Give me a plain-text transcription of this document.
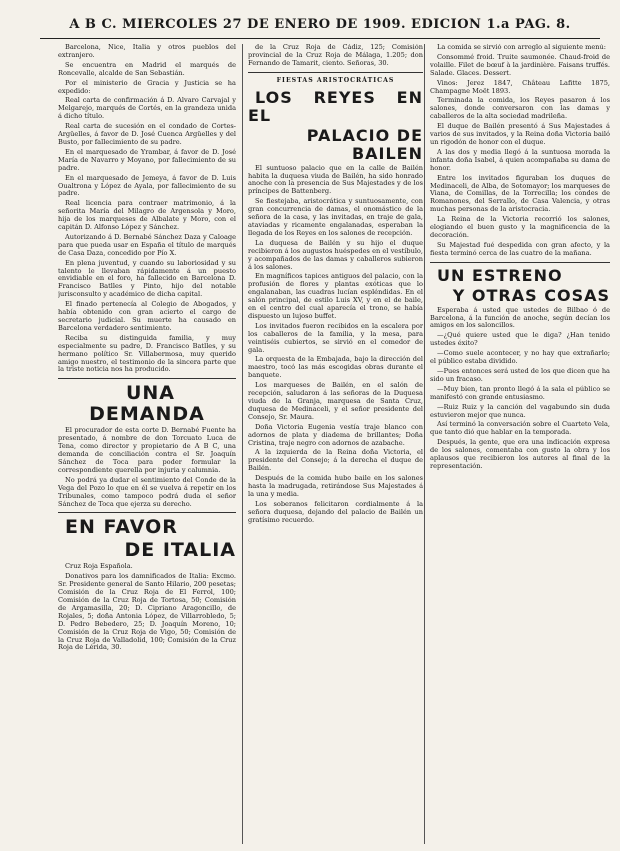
A B C. MIERCOLES 27 DE ENERO DE 1909. EDICION 1.a PAG. 8.

Barcelona, Nice, Italia y otros pueblos del extranjero.

Se encuentra en Madrid el marqués de Roncevalle, alcalde de San Sebastián.

Por el ministerio de Gracia y Justicia se ha expedido:

Real carta de confirmación á D. Alvaro Carvajal y Melgarejo, marqués de Cortés, en la grandeza unida á dicho título.

Real carta de sucesión en el condado de Cortes-Argüelles, á favor de D. José Cuenca Argüelles y del Busto, por fallecimiento de su padre.

En el marquesado de Yrambar, á favor de D. José María de Navarro y Moyano, por fallecimiento de su padre.

En el marquesado de Jemeya, á favor de D. Luis Oualtrona y López de Ayala, por fallecimiento de su padre.

Real licencia para contraer matrimonio, á la señorita María del Milagro de Argensola y Moro, hija de los marqueses de Albalate y Moro, con el capitán D. Alfonso López y Sánchez.

Autorizando á D. Bernabé Sánchez Daza y Caloage para que pueda usar en España el título de marqués de Casa Daza, concedido por Pío X.

En plena juventud, y cuando su laboriosidad y su talento le llevaban rápidamente á un puesto envidiable en el foro, ha fallecido en Barcelona D. Francisco Batlles y Pinto, hijo del notable jurisconsulto y académico de dicha capital.

El finado pertenecía al Colegio de Abogados, y había obtenido con gran acierto el cargo de secretario judicial. Su muerte ha causado en Barcelona verdadero sentimiento.

Reciba su distinguida familia, y muy especialmente su padre, D. Francisco Batlles, y su hermano político Sr. Villabermosa, muy querido amigo nuestro, el testimonio de la sincera parte que la triste noticia nos ha producido.

UNA DEMANDA

El procurador de esta corte D. Bernabé Fuente ha presentado, á nombre de don Torcuato Luca de Tena, como director y propietario de A B C, una demanda de conciliación contra el Sr. Joaquín Sánchez de Toca para poder formular la correspondiente querella por injuria y calumnia.

No podrá ya dudar el sentimiento del Conde de la Vega del Pozo lo que en él se vuelva á repetir en los Tribunales, como tampoco podrá duda el señor Sánchez de Toca que ejerza su derecho.

EN FAVOR

DE ITALIA

Cruz Roja Española.

Donativos para los damnificados de Italia: Excmo. Sr. Presidente general de Santo Hilario, 200 pesetas; Comisión de la Cruz Roja de El Ferrol, 100; Comisión de la Cruz Roja de Tortosa, 50; Comisión de Argamasilla, 20; D. Cipriano Aragoncillo, de Rojales, 5; doña Antonia López, de Villarrobledo, 5; D. Pedro Bebedero, 25; D. Joaquín Moreno, 10; Comisión de la Cruz Roja de Vigo, 50; Comisión de la Cruz Roja de Valladolid, 100; Comisión de la Cruz Roja de Lérida, 30.

de la Cruz Roja de Cádiz, 125; Comisión provincial de la Cruz Roja de Málaga, 1.205; don Fernando de Tamarit, ciento. Señoras, 30.

FIESTAS ARISTOCRÁTICAS

LOS REYES EN EL

PALACIO DE BAILEN

El suntuoso palacio que en la calle de Bailén habita la duquesa viuda de Bailén, ha sido honrado anoche con la presencia de Sus Majestades y de los príncipes de Battenberg.

Se fiestejaba, aristocrática y suntuosamente, con gran concurrencia de damas, el onomástico de la señora de la casa, y las invitadas, en traje de gala, ataviadas y ricamente engalanadas, esperaban la llegada de los Reyes en los salones de recepción.

La duquesa de Bailén y su hijo el duque recibieron á los augustos huéspedes en el vestíbulo, y acompañados de las damas y caballeros subieron á los salones.

En magníficos tapices antiguos del palacio, con la profusión de flores y plantas exóticas que lo engalanaban, las cuadras lucían espléndidas. En el salón principal, de estilo Luis XV, y en el de baile, en el centro del cual aparecía el trono, se había dispuesto un lujoso buffet.

Los invitados fueron recibidos en la escalera por los caballeros de la familia, y la mesa, para veintiséis cubiertos, se sirvió en el comedor de gala.

La orquesta de la Embajada, bajo la dirección del maestro, tocó las más escogidas obras durante el banquete.

Los marqueses de Bailén, en el salón de recepción, saludaron á las señoras de la Duquesa viuda de la Granja, marquesa de Santa Cruz, duquesa de Medinaceli, y el señor presidente del Consejo, Sr. Maura.

Doña Victoria Eugenia vestía traje blanco con adornos de plata y diadema de brillantes; Doña Cristina, traje negro con adornos de azabache.

A la izquierda de la Reina doña Victoria, el presidente del Consejo; á la derecha el duque de Bailén.

Después de la comida hubo baile en los salones hasta la madrugada, retirándose Sus Majestades á la una y media.

Los soberanos felicitaron cordialmente á la señora duquesa, dejando del palacio de Bailén un gratísimo recuerdo.

La comida se sirvió con arreglo al siguiente menú:

Consommé froid. Truite saumonée. Chaud-froid de volaille. Filet de bœuf à la jardinière. Faisans truffés. Salade. Glaces. Dessert.

Vinos: Jerez 1847, Château Lafitte 1875, Champagne Moët 1893.

Terminada la comida, los Reyes pasaron á los salones, donde conversaron con las damas y caballeros de la alta sociedad madrileña.

El duque de Bailén presentó á Sus Majestades á varios de sus invitados, y la Reina doña Victoria bailó un rigodón de honor con el duque.

A las dos y media llegó á la suntuosa morada la infanta doña Isabel, á quien acompañaba su dama de honor.

Entre los invitados figuraban los duques de Medinaceli, de Alba, de Sotomayor; los marqueses de Viana, de Comillas, de la Torrecilla; los condes de Romanones, del Serrallo, de Casa Valencia, y otras muchas personas de la aristocracia.

La Reina de la Victoria recorrió los salones, elogiando el buen gusto y la magnificencia de la decoración.

Su Majestad fué despedida con gran afecto, y la fiesta terminó cerca de las cuatro de la mañana.

UN ESTRENO

Y OTRAS COSAS

Esperaba á usted que ustedes de Bilbao ó de Barcelona, á la función de anoche, según decían los amigos en los saloncillos.

—¿Qué quiere usted que le diga? ¿Han tenido ustedes éxito?

—Como suele acontecer, y no hay que extrañarlo; el público estaba dividido.

—Pues entonces será usted de los que dicen que ha sido un fracaso.

—Muy bien, tan pronto llegó á la sala el público se manifestó con grande entusiasmo.

—Ruiz Ruiz y la canción del vagabundo sin duda estuvieron mejor que nunca.

Así terminó la conversación sobre el Cuarteto Vela, que tanto dió que hablar en la temporada.

Después, la gente, que era una indicación expresa de los salones, comentaba con gusto la obra y los aplausos que recibieron los autores al final de la representación.
